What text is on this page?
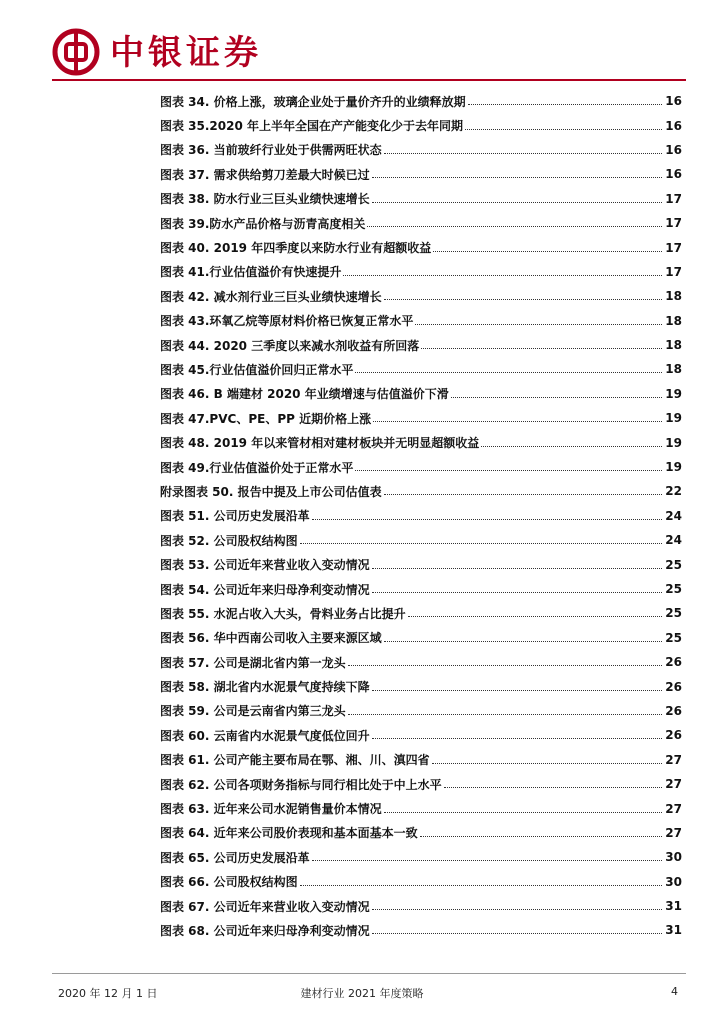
中银证券
图表 34. 价格上涨，玻璃企业处于量价齐升的业绩释放期	16
图表 35.2020 年上半年全国在产产能变化少于去年同期	16
图表 36. 当前玻纤行业处于供需两旺状态	16
图表 37. 需求供给剪刀差最大时候已过	16
图表 38. 防水行业三巨头业绩快速增长	17
图表 39.防水产品价格与沥青高度相关	17
图表 40. 2019 年四季度以来防水行业有超额收益	17
图表 41.行业估值溢价有快速提升	17
图表 42. 减水剂行业三巨头业绩快速增长	18
图表 43.环氧乙烷等原材料价格已恢复正常水平	18
图表 44. 2020 三季度以来减水剂收益有所回落	18
图表 45.行业估值溢价回归正常水平	18
图表 46. B 端建材 2020 年业绩增速与估值溢价下滑	19
图表 47.PVC、PE、PP 近期价格上涨	19
图表 48. 2019 年以来管材相对建材板块并无明显超额收益	19
图表 49.行业估值溢价处于正常水平	19
附录图表 50. 报告中提及上市公司估值表	22
图表 51. 公司历史发展沿革	24
图表 52. 公司股权结构图	24
图表 53. 公司近年来营业收入变动情况	25
图表 54. 公司近年来归母净利变动情况	25
图表 55. 水泥占收入大头，骨料业务占比提升	25
图表 56. 华中西南公司收入主要来源区域	25
图表 57. 公司是湖北省内第一龙头	26
图表 58. 湖北省内水泥景气度持续下降	26
图表 59. 公司是云南省内第三龙头	26
图表 60. 云南省内水泥景气度低位回升	26
图表 61. 公司产能主要布局在鄂、湘、川、滇四省	27
图表 62. 公司各项财务指标与同行相比处于中上水平	27
图表 63. 近年来公司水泥销售量价本情况	27
图表 64. 近年来公司股价表现和基本面基本一致	27
图表 65. 公司历史发展沿革	30
图表 66. 公司股权结构图	30
图表 67. 公司近年来营业收入变动情况	31
图表 68. 公司近年来归母净利变动情况	31
2020 年 12 月 1 日	建材行业 2021 年度策略	4
